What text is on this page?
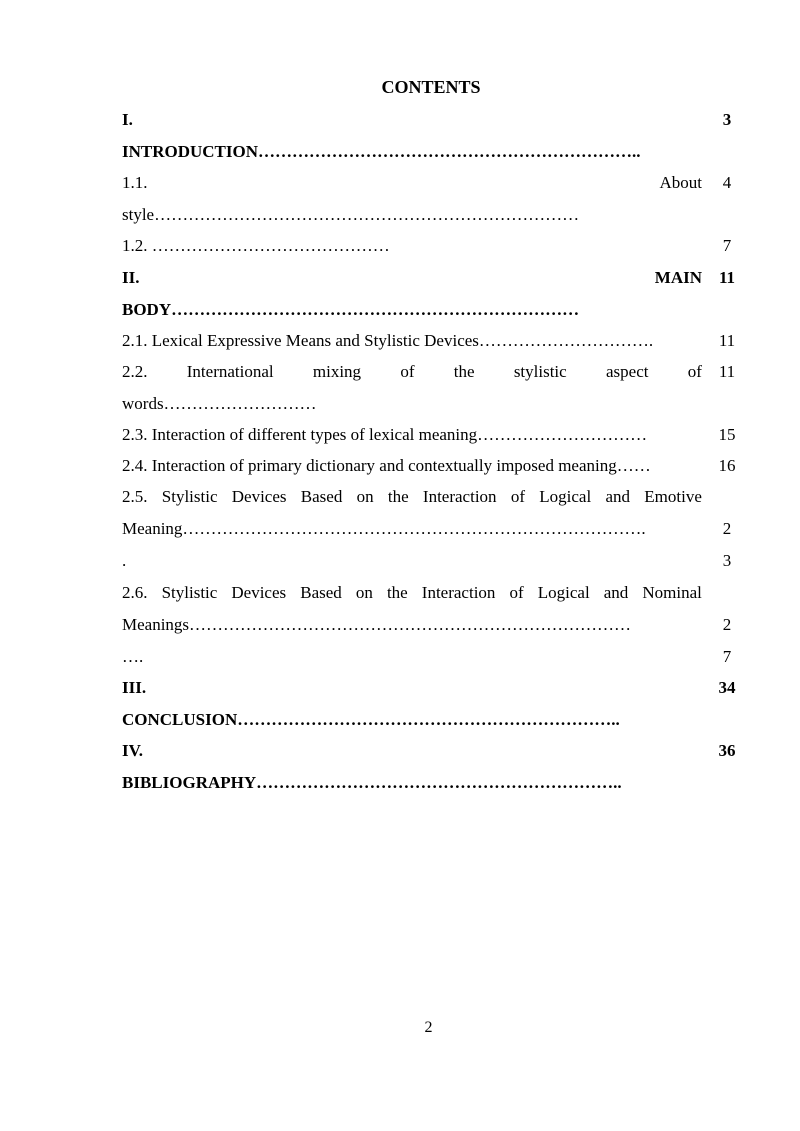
CONTENTS
I.	3
INTRODUCTION…………………………………………………………..
1.1.	About	4
style…………………………………………………………………
1.2. ……………………………………	7
II.	MAIN 11
BODY………………………………………………………………
2.1. Lexical Expressive Means and Stylistic Devices………………………….	11
2.2. International mixing of the stylistic aspect of 11
words………………………
2.3. Interaction of different types of lexical meaning…………………………	15
2.4. Interaction of primary dictionary and contextually imposed meaning……	16
2.5. Stylistic Devices Based on the Interaction of Logical and Emotive
Meaning……………………………………………………………………….	2
.	3
2.6. Stylistic Devices Based on the Interaction of Logical and Nominal
Meanings……………………………………………………………………	2
….	7
III.	34
CONCLUSION…………………………………………………………..
IV.	36
BIBLIOGRAPHY………………………………………………………..
2
